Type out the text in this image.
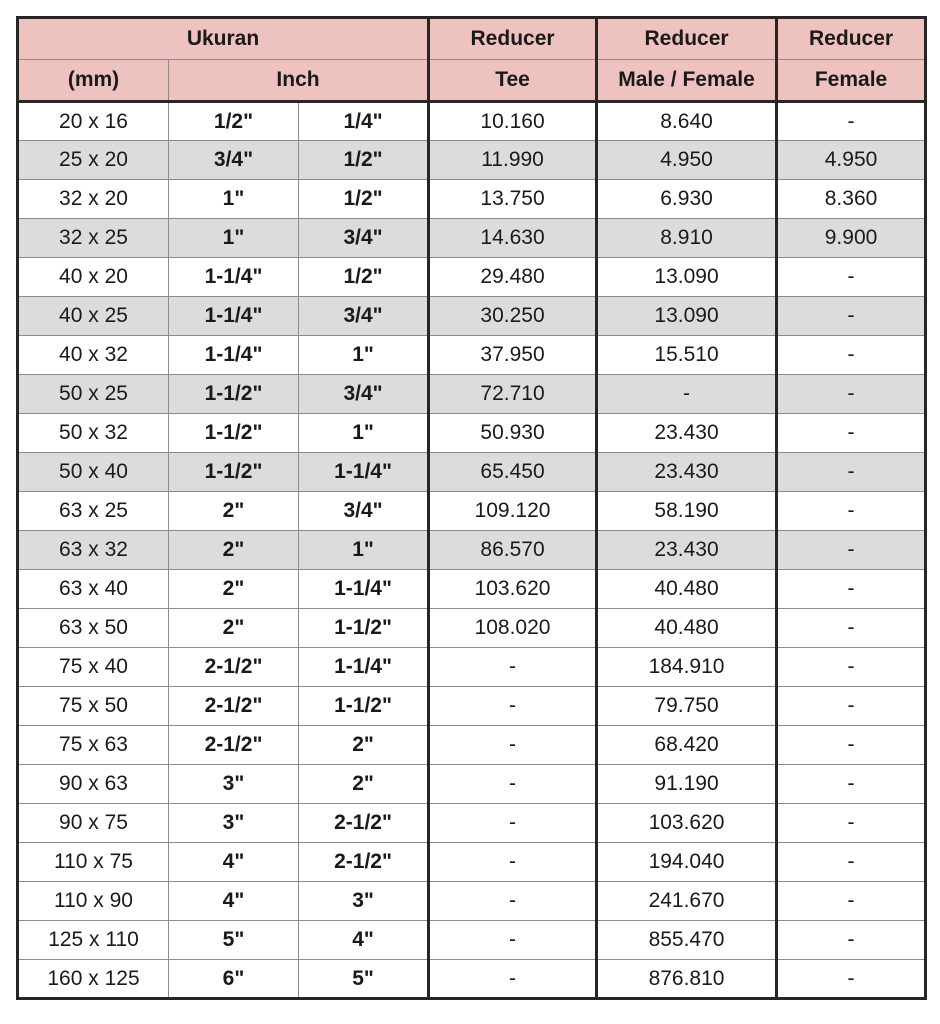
Ukuran			Reducer	Reducer	Reducer
(mm)	Inch		Tee	Male / Female	Female
20 x 16	1/2"	1/4"	10.160	8.640	-
25 x 20	3/4"	1/2"	11.990	4.950	4.950
32 x 20	1"	1/2"	13.750	6.930	8.360
32 x 25	1"	3/4"	14.630	8.910	9.900
40 x 20	1-1/4"	1/2"	29.480	13.090	-
40 x 25	1-1/4"	3/4"	30.250	13.090	-
40 x 32	1-1/4"	1"	37.950	15.510	-
50 x 25	1-1/2"	3/4"	72.710	-	-
50 x 32	1-1/2"	1"	50.930	23.430	-
50 x 40	1-1/2"	1-1/4"	65.450	23.430	-
63 x 25	2"	3/4"	109.120	58.190	-
63 x 32	2"	1"	86.570	23.430	-
63 x 40	2"	1-1/4"	103.620	40.480	-
63 x 50	2"	1-1/2"	108.020	40.480	-
75 x 40	2-1/2"	1-1/4"	-	184.910	-
75 x 50	2-1/2"	1-1/2"	-	79.750	-
75 x 63	2-1/2"	2"	-	68.420	-
90 x 63	3"	2"	-	91.190	-
90 x 75	3"	2-1/2"	-	103.620	-
110 x 75	4"	2-1/2"	-	194.040	-
110 x 90	4"	3"	-	241.670	-
125 x 110	5"	4"	-	855.470	-
160 x 125	6"	5"	-	876.810	-
